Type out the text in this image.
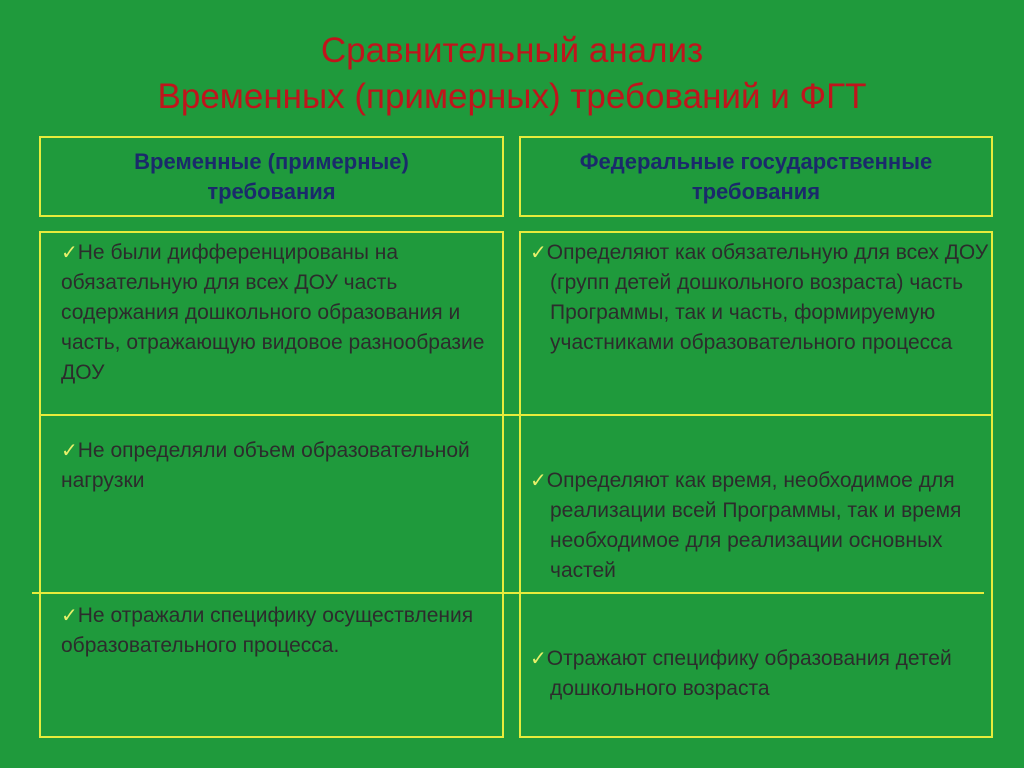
Сравнительный анализ
Временных (примерных) требований и ФГТ
Временные (примерные) требования
Федеральные государственные требования

✓Не были дифференцированы на обязательную для всех ДОУ часть содержания дошкольного образования и часть, отражающую видовое разнообразие ДОУ

✓Не определяли объем образовательной нагрузки

✓Не отражали специфику осуществления образовательного процесса.

✓Определяют как обязательную для всех ДОУ (групп детей дошкольного возраста) часть Программы, так и часть, формируемую участниками образовательного процесса

✓Определяют как время, необходимое для реализации всей Программы, так и время необходимое для реализации основных частей

✓Отражают специфику образования детей дошкольного возраста
